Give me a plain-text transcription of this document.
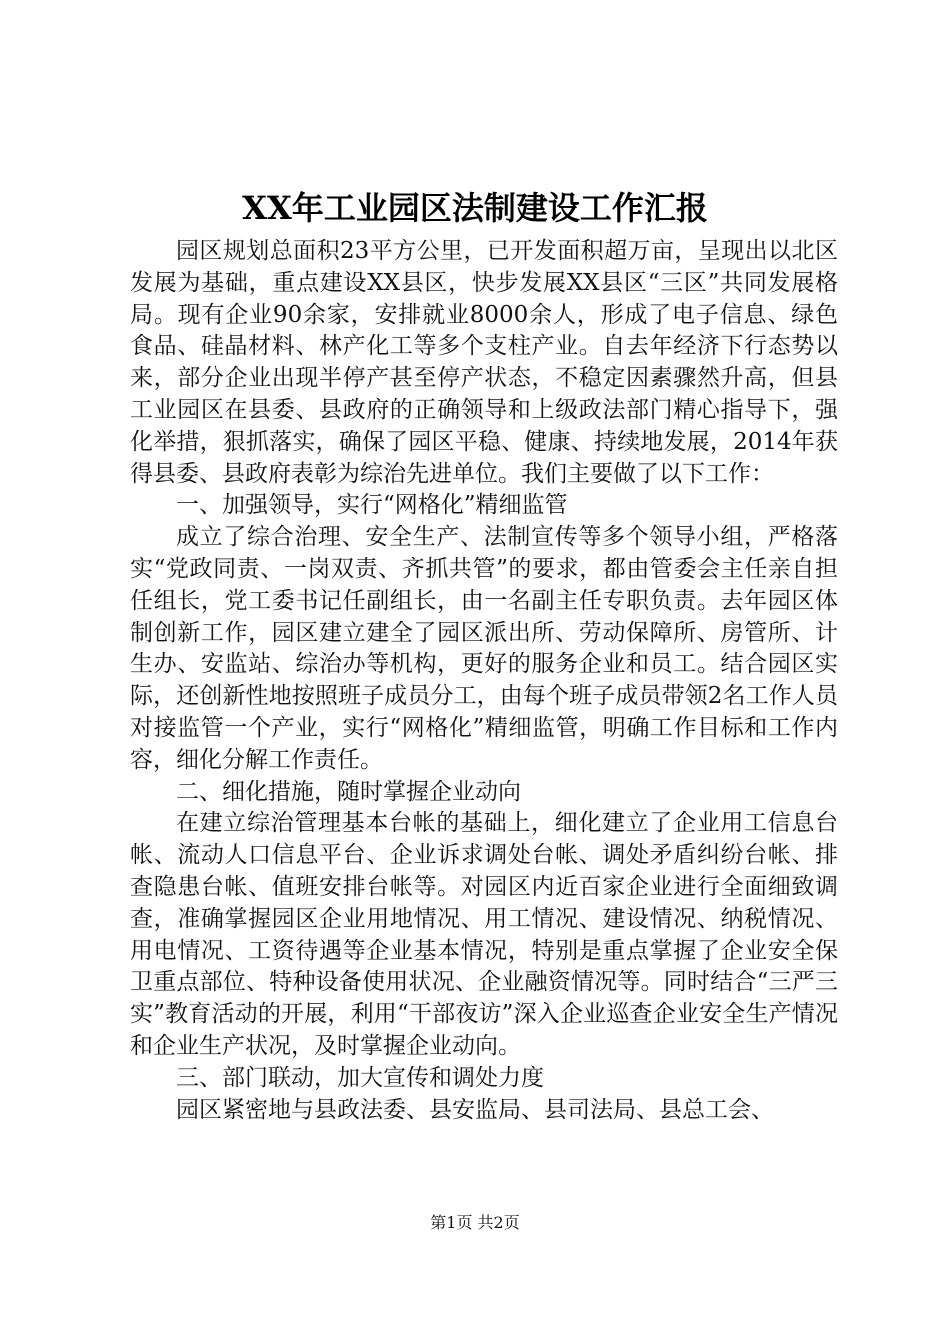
XX年工业园区法制建设工作汇报

园区规划总面积23平方公里，已开发面积超万亩，呈现出以北区发展为基础，重点建设XX县区，快步发展XX县区“三区”共同发展格局。现有企业90余家，安排就业8000余人，形成了电子信息、绿色食品、硅晶材料、林产化工等多个支柱产业。自去年经济下行态势以来，部分企业出现半停产甚至停产状态，不稳定因素骤然升高，但县工业园区在县委、县政府的正确领导和上级政法部门精心指导下，强化举措，狠抓落实，确保了园区平稳、健康、持续地发展，2014年获得县委、县政府表彰为综治先进单位。我们主要做了以下工作：

一、加强领导，实行“网格化”精细监管

成立了综合治理、安全生产、法制宣传等多个领导小组，严格落实“党政同责、一岗双责、齐抓共管”的要求，都由管委会主任亲自担任组长，党工委书记任副组长，由一名副主任专职负责。去年园区体制创新工作，园区建立建全了园区派出所、劳动保障所、房管所、计生办、安监站、综治办等机构，更好的服务企业和员工。结合园区实际，还创新性地按照班子成员分工，由每个班子成员带领2名工作人员对接监管一个产业，实行“网格化”精细监管，明确工作目标和工作内容，细化分解工作责任。

二、细化措施，随时掌握企业动向

在建立综治管理基本台帐的基础上，细化建立了企业用工信息台帐、流动人口信息平台、企业诉求调处台帐、调处矛盾纠纷台帐、排查隐患台帐、值班安排台帐等。对园区内近百家企业进行全面细致调查，准确掌握园区企业用地情况、用工情况、建设情况、纳税情况、用电情况、工资待遇等企业基本情况，特别是重点掌握了企业安全保卫重点部位、特种设备使用状况、企业融资情况等。同时结合“三严三实”教育活动的开展，利用“干部夜访”深入企业巡查企业安全生产情况和企业生产状况，及时掌握企业动向。

三、部门联动，加大宣传和调处力度

园区紧密地与县政法委、县安监局、县司法局、县总工会、

第1页 共2页
